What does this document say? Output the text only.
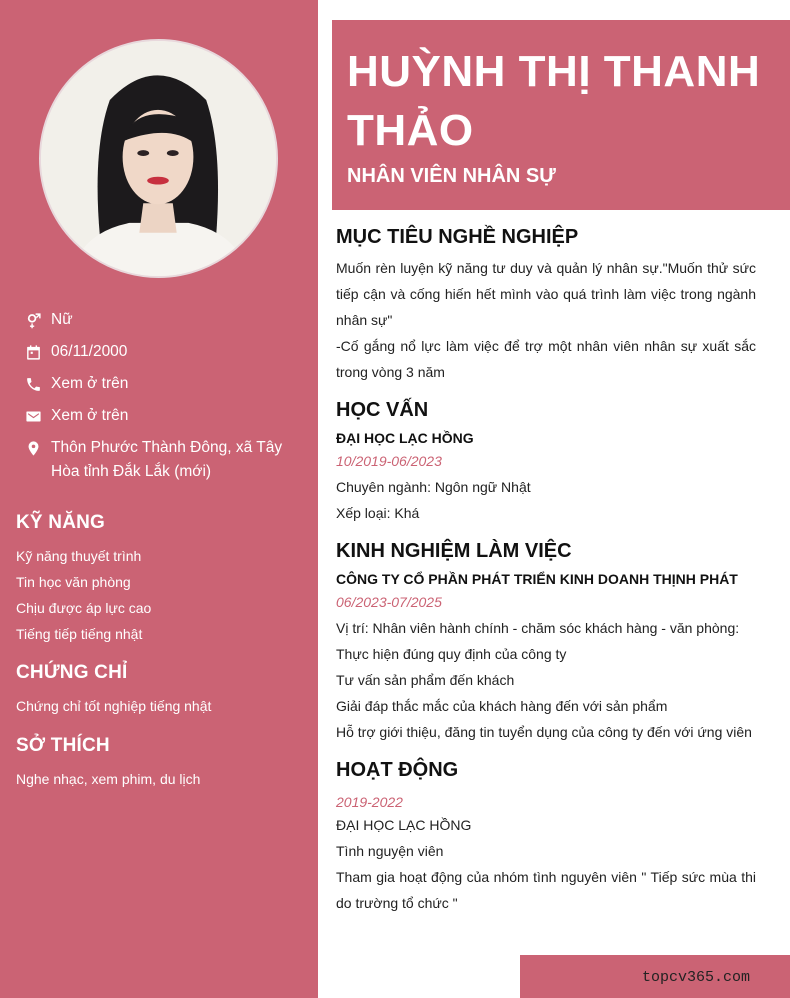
Nữ
06/11/2000
Xem ở trên
Xem ở trên
Thôn Phước Thành Đông, xã Tây Hòa tỉnh Đắk Lắk (mới)
KỸ NĂNG
Kỹ năng thuyết trình
Tin học văn phòng
Chịu được áp lực cao
Tiếng tiếp tiếng nhật
CHỨNG CHỈ
Chứng chỉ tốt nghiệp tiếng nhật
SỞ THÍCH
Nghe nhạc, xem phim, du lịch
HUỲNH THỊ THANH
THẢO
NHÂN VIÊN NHÂN SỰ
MỤC TIÊU NGHỀ NGHIỆP
Muốn rèn luyện kỹ năng tư duy và quản lý nhân sự."Muốn thử sức tiếp cận và cống hiến hết mình vào quá trình làm việc trong ngành nhân sự"
-Cố gắng nổ lực làm việc để trợ một nhân viên nhân sự xuất sắc trong vòng 3 năm
HỌC VẤN
ĐẠI HỌC LẠC HỒNG
10/2019-06/2023
Chuyên ngành: Ngôn ngữ Nhật
Xếp loại: Khá
KINH NGHIỆM LÀM VIỆC
CÔNG TY CỔ PHẦN PHÁT TRIỂN KINH DOANH THỊNH PHÁT
06/2023-07/2025
Vị trí: Nhân viên hành chính - chăm sóc khách hàng - văn phòng:
Thực hiện đúng quy định của công ty
Tư vấn sản phẩm đến khách
Giải đáp thắc mắc của khách hàng đến với sản phẩm
Hỗ trợ giới thiệu, đăng tin tuyển dụng của công ty đến với ứng viên
HOẠT ĐỘNG
2019-2022
ĐẠI HỌC LẠC HỒNG
Tình nguyện viên
Tham gia hoạt động của nhóm tình nguyên viên " Tiếp sức mùa thi do trường tổ chức "
topcv365.com
